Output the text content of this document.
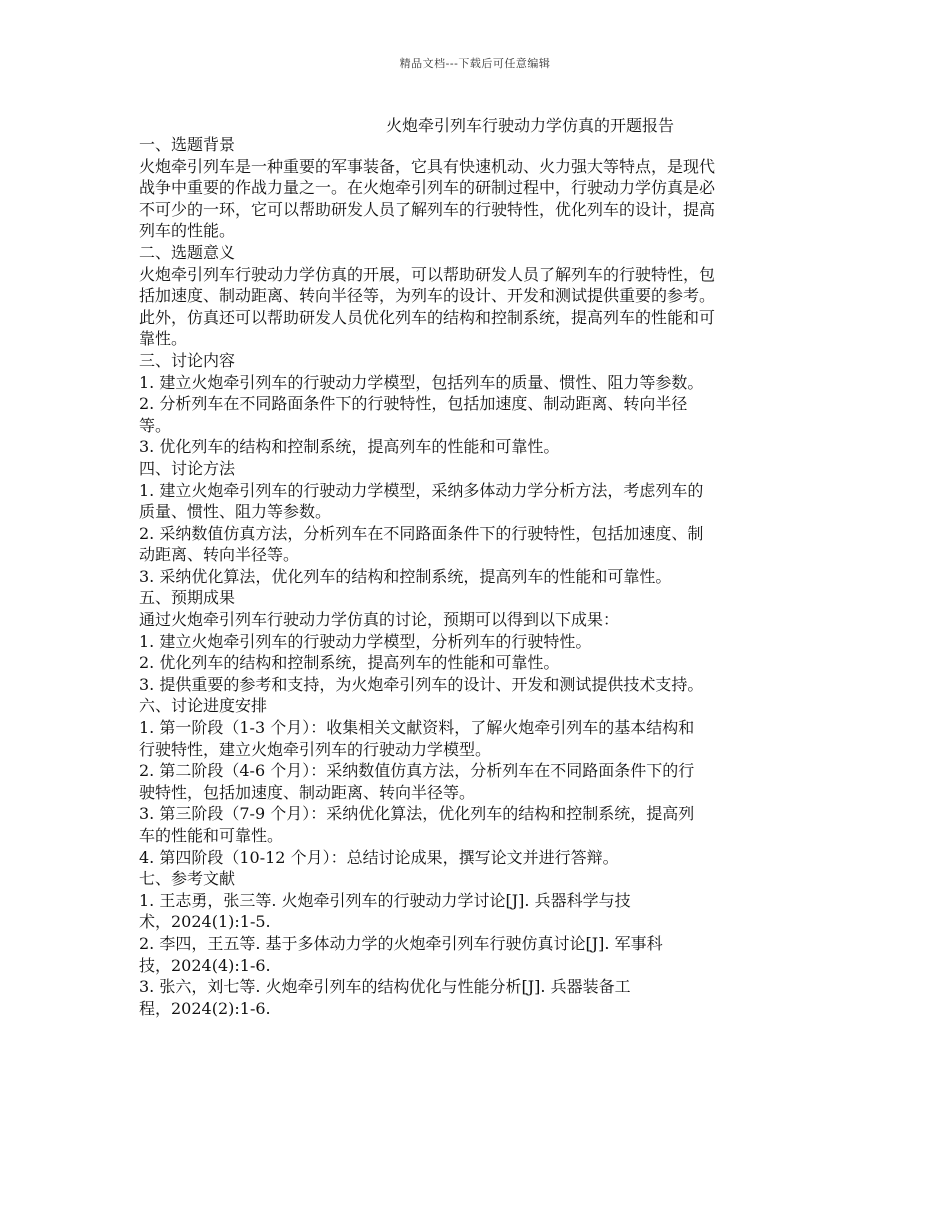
精品文档---下载后可任意编辑
火炮牵引列车行驶动力学仿真的开题报告
一、选题背景
火炮牵引列车是一种重要的军事装备，它具有快速机动、火力强大等特点，是现代
战争中重要的作战力量之一。在火炮牵引列车的研制过程中，行驶动力学仿真是必
不可少的一环，它可以帮助研发人员了解列车的行驶特性，优化列车的设计，提高
列车的性能。
二、选题意义
火炮牵引列车行驶动力学仿真的开展，可以帮助研发人员了解列车的行驶特性，包
括加速度、制动距离、转向半径等，为列车的设计、开发和测试提供重要的参考。
此外，仿真还可以帮助研发人员优化列车的结构和控制系统，提高列车的性能和可
靠性。
三、讨论内容
1. 建立火炮牵引列车的行驶动力学模型，包括列车的质量、惯性、阻力等参数。
2. 分析列车在不同路面条件下的行驶特性，包括加速度、制动距离、转向半径
等。
3. 优化列车的结构和控制系统，提高列车的性能和可靠性。
四、讨论方法
1. 建立火炮牵引列车的行驶动力学模型，采纳多体动力学分析方法，考虑列车的
质量、惯性、阻力等参数。
2. 采纳数值仿真方法，分析列车在不同路面条件下的行驶特性，包括加速度、制
动距离、转向半径等。
3. 采纳优化算法，优化列车的结构和控制系统，提高列车的性能和可靠性。
五、预期成果
通过火炮牵引列车行驶动力学仿真的讨论，预期可以得到以下成果：
1. 建立火炮牵引列车的行驶动力学模型，分析列车的行驶特性。
2. 优化列车的结构和控制系统，提高列车的性能和可靠性。
3. 提供重要的参考和支持，为火炮牵引列车的设计、开发和测试提供技术支持。
六、讨论进度安排
1. 第一阶段（1-3 个月）：收集相关文献资料，了解火炮牵引列车的基本结构和
行驶特性，建立火炮牵引列车的行驶动力学模型。
2. 第二阶段（4-6 个月）：采纳数值仿真方法，分析列车在不同路面条件下的行
驶特性，包括加速度、制动距离、转向半径等。
3. 第三阶段（7-9 个月）：采纳优化算法，优化列车的结构和控制系统，提高列
车的性能和可靠性。
4. 第四阶段（10-12 个月）：总结讨论成果，撰写论文并进行答辩。
七、参考文献
1. 王志勇，张三等. 火炮牵引列车的行驶动力学讨论[J]. 兵器科学与技
术，2024(1):1-5.
2. 李四，王五等. 基于多体动力学的火炮牵引列车行驶仿真讨论[J]. 军事科
技，2024(4):1-6.
3. 张六，刘七等. 火炮牵引列车的结构优化与性能分析[J]. 兵器装备工
程，2024(2):1-6.
